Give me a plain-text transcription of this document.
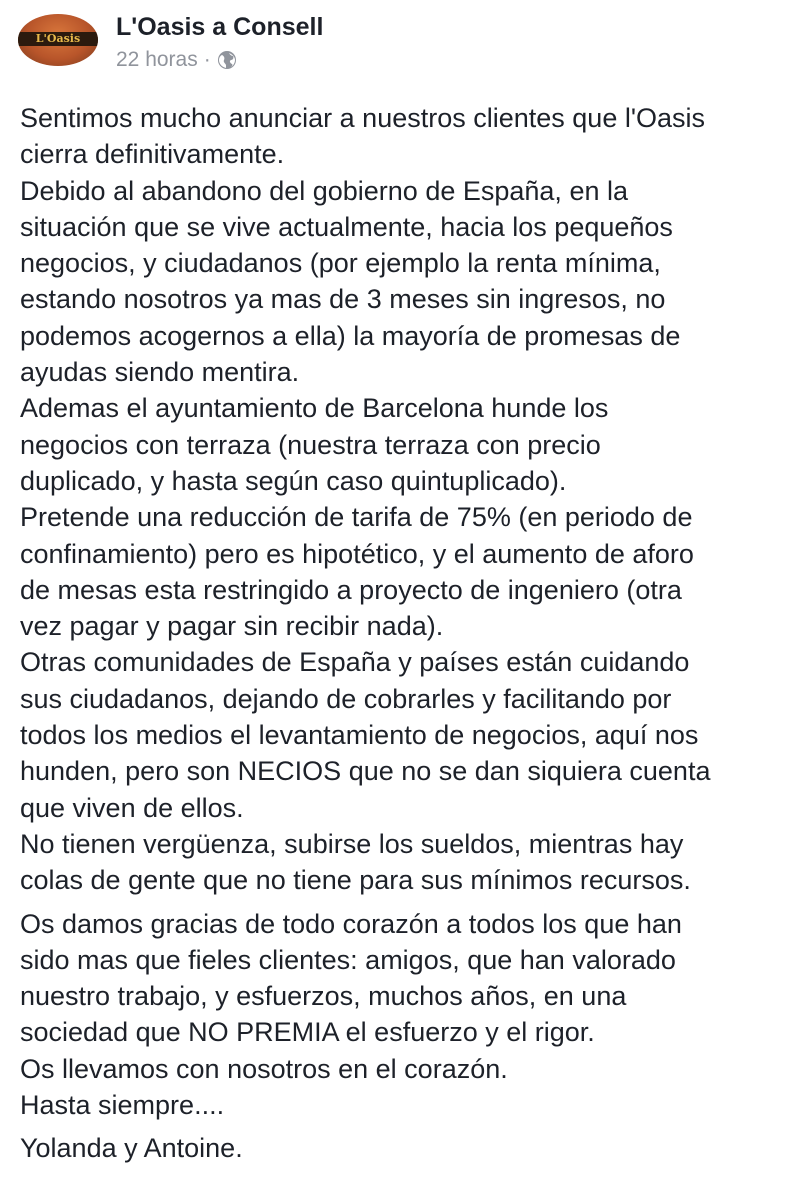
L'Oasis	L'Oasis a Consell
22 horas ·

Sentimos mucho anunciar a nuestros clientes que l'Oasis
cierra definitivamente.
Debido al abandono del gobierno de España, en la
situación que se vive actualmente, hacia los pequeños
negocios, y ciudadanos (por ejemplo la renta mínima,
estando nosotros ya mas de 3 meses sin ingresos, no
podemos acogernos a ella) la mayoría de promesas de
ayudas siendo mentira.
Ademas el ayuntamiento de Barcelona hunde los
negocios con terraza (nuestra terraza con precio
duplicado, y hasta según caso quintuplicado).
Pretende una reducción de tarifa de 75% (en periodo de
confinamiento) pero es hipotético, y el aumento de aforo
de mesas esta restringido a proyecto de ingeniero (otra
vez pagar y pagar sin recibir nada).
Otras comunidades de España y países están cuidando
sus ciudadanos, dejando de cobrarles y facilitando por
todos los medios el levantamiento de negocios, aquí nos
hunden, pero son NECIOS que no se dan siquiera cuenta
que viven de ellos.
No tienen vergüenza, subirse los sueldos, mientras hay
colas de gente que no tiene para sus mínimos recursos.

Os damos gracias de todo corazón a todos los que han
sido mas que fieles clientes: amigos, que han valorado
nuestro trabajo, y esfuerzos, muchos años, en una
sociedad que NO PREMIA el esfuerzo y el rigor.
Os llevamos con nosotros en el corazón.
Hasta siempre....

Yolanda y Antoine.
